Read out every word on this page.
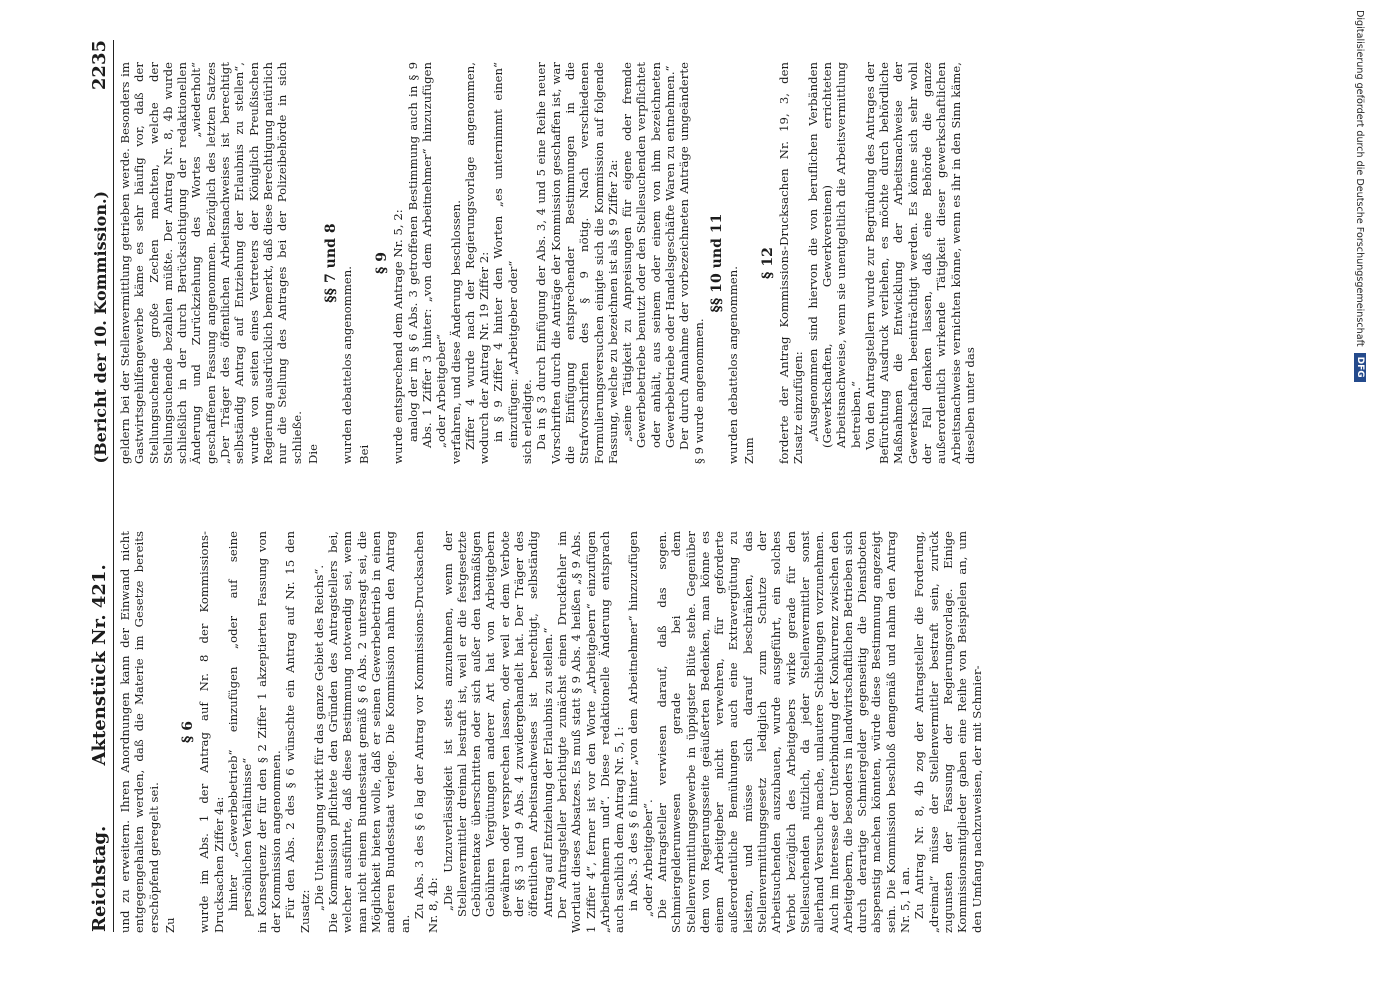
Reichstag.    Aktenstück Nr. 421.
(Bericht der 10. Kommission.)
2235

und zu erweitern. Ihren Anordnungen kann der Einwand nicht entgegengehalten werden, daß die Materie im Gesetze bereits erschöpfend geregelt sei. Zu

§ 6 wurde im Abs. 1 der Antrag auf Nr. 8 der Kommissions-Drucksachen Ziffer 4a: hinter „Gewerbebetrieb“ einzufügen „oder auf seine persönlichen Verhältnisse“ in Konsequenz der für den § 2 Ziffer 1 akzeptierten Fassung von der Kommission angenommen. Für den Abs. 2 des § 6 wünschte ein Antrag auf Nr. 15 den Zusatz:

„Die Untersagung wirkt für das ganze Gebiet des Reichs“. Die Kommission pflichtete den Gründen des Antragstellers bei, welcher ausführte, daß diese Bestimmung notwendig sei, wenn man nicht einem Bundesstaat gemäß § 6 Abs. 2 untersagt sei, die Möglichkeit bieten wolle, daß er seinen Gewerbebetrieb in einen anderen Bundesstaat verlege. Die Kommission nahm den Antrag an.

Zu Abs. 3 des § 6 lag der Antrag vor Kommissions-Drucksachen Nr. 8, 4b: „Die Unzuverlässigkeit ist stets anzunehmen, wenn der Stellenvermittler dreimal bestraft ist, weil er die festgesetzte Gebührentaxe überschritten oder sich außer den taxmäßigen Gebühren Vergütungen anderer Art hat von Arbeitgebern gewähren oder versprechen lassen, oder weil er dem Verbote der §§ 3 und 9 Abs. 4 zuwidergehandelt hat. Der Träger des öffentlichen Arbeitsnachweises ist berechtigt, selbständig Antrag auf Entziehung der Erlaubnis zu stellen.“ Der Antragsteller berichtigte zunächst einen Druckfehler im Wortlaut dieses Absatzes. Es muß statt § 9 Abs. 4 heißen „§ 9 Abs. 1 Ziffer 4“, ferner ist vor den Worte „Arbeitgebern“ einzufügen „Arbeitnehmern und“. Diese redaktionelle Änderung entsprach auch sachlich dem Antrag Nr. 5, 1: in Abs. 3 des § 6 hinter „von dem Arbeitnehmer“ hinzuzufügen „oder Arbeitgeber“. Die Antragsteller verwiesen darauf, daß das sogen. Schmiergelderunwesen gerade bei dem Stellenvermittlungsgewerbe in üppigster Blüte stehe. Gegenüber dem von Regierungsseite geäußerten Bedenken, man könne es einem Arbeitgeber nicht verwehren, für geforderte außerordentliche Bemühungen auch eine Extravergütung zu leisten, und müsse sich darauf beschränken, das Stellenvermittlungsgesetz lediglich zum Schutze der Arbeitsuchenden auszubauen, wurde ausgeführt, ein solches Verbot bezüglich des Arbeitgebers wirke gerade für den Stellesuchenden nützlich, da jeder Stellenvermittler sonst allerhand Versuche mache, unlautere Schiebungen vorzunehmen. Auch im Interesse der Unterbindung der Konkurrenz zwischen den Arbeitgebern, die besonders in landwirtschaftlichen Betrieben sich durch derartige Schmiergelder gegenseitig die Dienstboten abspenstig machen könnten, würde diese Bestimmung angezeigt sein. Die Kommission beschloß demgemäß und nahm den Antrag Nr. 5, 1 an. Zu Antrag Nr. 8, 4b zog der Antragsteller die Forderung, „dreimal“ müsse der Stellenvermittler bestraft sein, zurück zugunsten der Fassung der Regierungsvorlage. Einige Kommissionsmitglieder gaben eine Reihe von Beispielen an, um den Umfang nachzuweisen, der mit Schmier-

geldern bei der Stellenvermittlung getrieben werde. Besonders im Gastwirtsgehilfengewerbe käme es sehr häufig vor, daß der Stellungsuchende große Zechen machten, welche der Stellungsuchende bezahlen müßte. Der Antrag Nr. 8, 4b wurde schließlich in der durch Berücksichtigung der redaktionellen Änderung und Zurückziehung des Wortes „wiederholt“ geschaffenen Fassung angenommen. Bezüglich des letzten Satzes „Der Träger des öffentlichen Arbeitsnachweises ist berechtigt selbständig Antrag auf Entziehung der Erlaubnis zu stellen“, wurde von seiten eines Vertreters der Königlich Preußischen Regierung ausdrücklich bemerkt, daß diese Berechtigung natürlich nur die Stellung des Antrages bei der Polizeibehörde in sich schließe. Die

§§ 7 und 8

wurden debattelos angenommen. Bei

§ 9 wurde entsprechend dem Antrage Nr. 5, 2: analog der im § 6 Abs. 3 getroffenen Bestimmung auch in § 9 Abs. 1 Ziffer 3 hinter: „von dem Arbeitnehmer“ hinzuzufügen „oder Arbeitgeber“ verfahren, und diese Änderung beschlossen. Ziffer 4 wurde nach der Regierungsvorlage angenommen, wodurch der Antrag Nr. 19 Ziffer 2: in § 9 Ziffer 4 hinter den Worten „es unternimmt einen“ einzufügen: „Arbeitgeber oder“ sich erledigte. Da in § 3 durch Einfügung der Abs. 3, 4 und 5 eine Reihe neuer Vorschriften durch die Anträge der Kommission geschaffen ist, war die Einfügung entsprechender Bestimmungen in die Strafvorschriften des § 9 nötig. Nach verschiedenen Formulierungsversuchen einigte sich die Kommission auf folgende Fassung, welche zu bezeichnen ist als § 9 Ziffer 2a: „seine Tätigkeit zu Anpreisungen für eigene oder fremde Gewerbebetriebe benutzt oder den Stellesuchenden verpflichtet oder anhält, aus seinem oder einem von ihm bezeichneten Gewerbebetriebe oder Handelsgeschäfte Waren zu entnehmen.“ Der durch Annahme der vorbezeichneten Anträge umgeänderte § 9 wurde angenommen.

§§ 10 und 11

wurden debattelos angenommen. Zum

§ 12 forderte der Antrag Kommissions-Drucksachen Nr. 19, 3, den Zusatz einzufügen: „Ausgenommen sind hiervon die von beruflichen Verbänden (Gewerkschaften, Gewerkvereinen) errichteten Arbeitsnachweise, wenn sie unentgeltlich die Arbeitsvermittlung betreiben.“ Von den Antragstellern wurde zur Begründung des Antrages der Befürchtung Ausdruck verliehen, es möchte durch behördliche Maßnahmen die Entwicklung der Arbeitsnachweise der Gewerkschaften beeinträchtigt werden. Es könne sich sehr wohl der Fall denken lassen, daß eine Behörde die ganze außerordentlich wirkende Tätigkeit dieser gewerkschaftlichen Arbeitsnachweise vernichten könne, wenn es ihr in den Sinn käme, dieselben unter das

Digitalisierung gefördert durch die Deutsche Forschungsgemeinschaft
DFG
